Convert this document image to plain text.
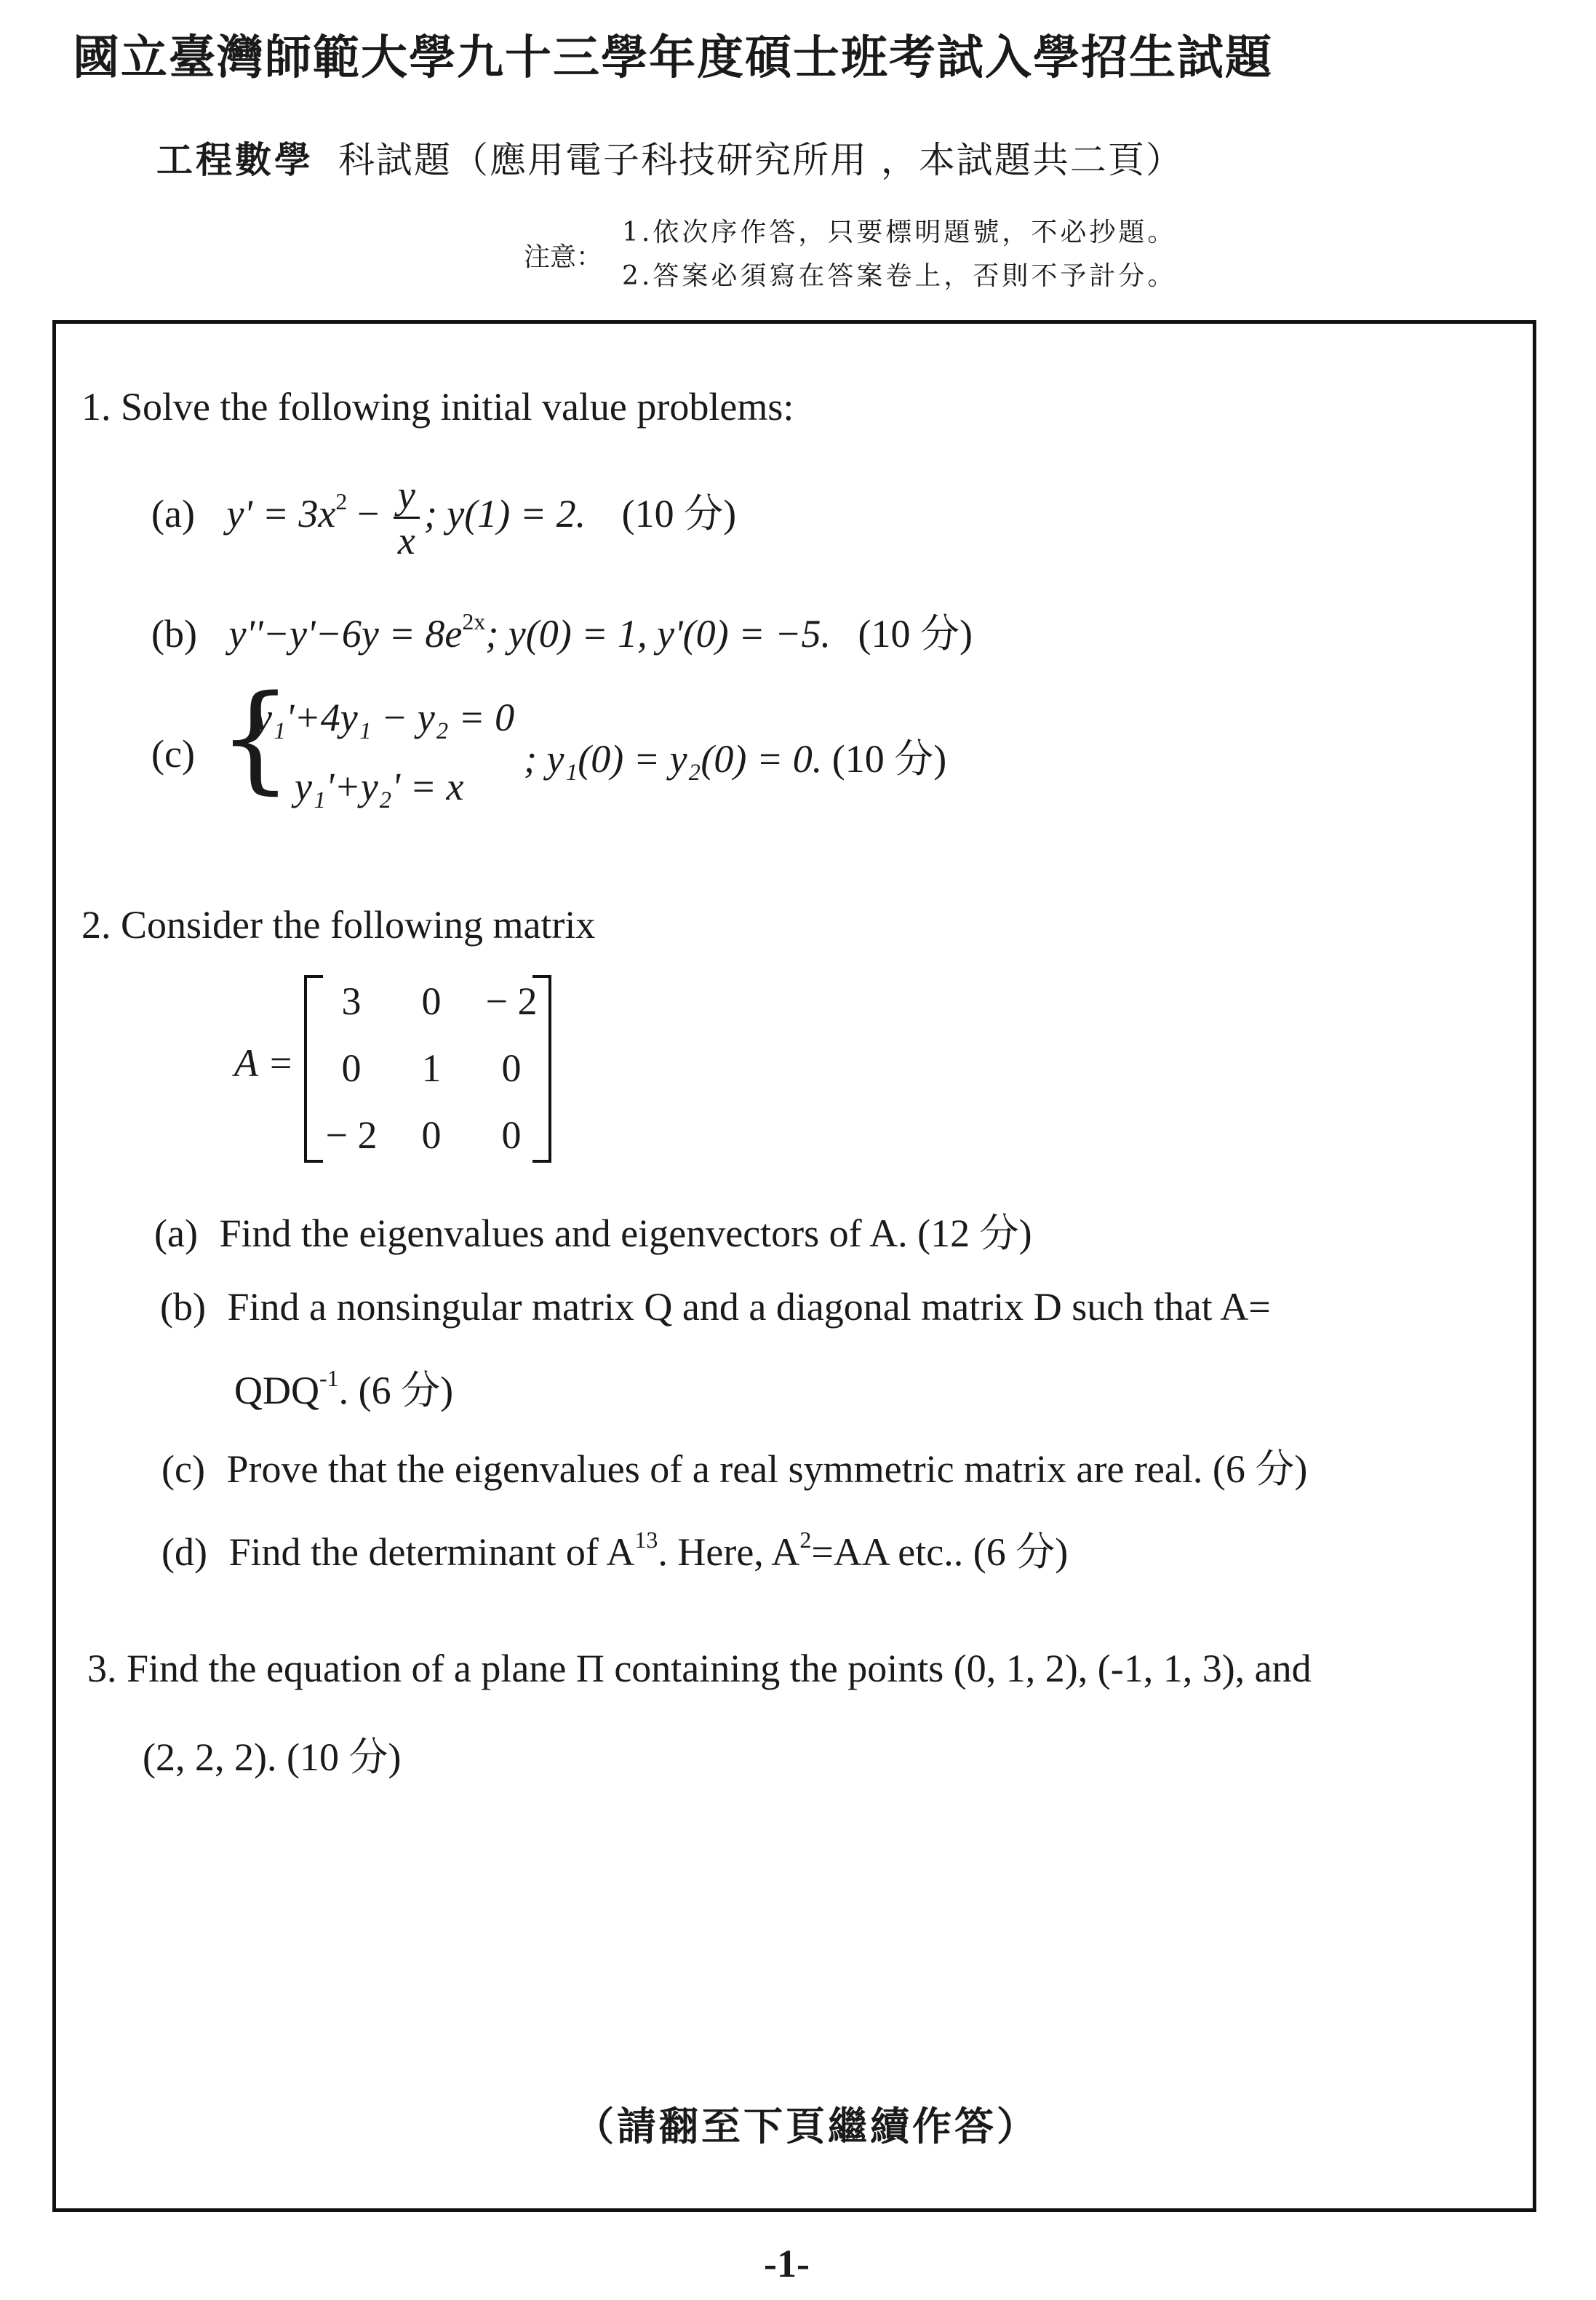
國立臺灣師範大學九十三學年度碩士班考試入學招生試題
工程數學 科試題（應用電子科技研究所用 ，本試題共二頁）
注意：
1.依次序作答，只要標明題號，不必抄題。
2.答案必須寫在答案卷上，否則不予計分。
1. Solve the following initial value problems:
(a) $y' = 3x^2 - \frac{y}{x}$ ; y(1) = 2. (10 分)
(b) $y''-y'-6y = 8e^{2x}$; y(0) = 1, y'(0) = −5. (10 分)
(c) {
y₁'+4y₁ − y₂ = 0
y₁'+y₂' = x
; y₁(0) = y₂(0) = 0. (10 分)
2. Consider the following matrix
A =
3	0	− 2
0	1	0
− 2	0	0
(a) Find the eigenvalues and eigenvectors of A. (12 分)
(b) Find a nonsingular matrix Q and a diagonal matrix D such that A=
$QDQ^{-1}$. (6 分)
(c) Prove that the eigenvalues of a real symmetric matrix are real. (6 分)
(d) Find the determinant of $A^{13}$. Here, $A^2=AA$ etc.. (6 分)
3. Find the equation of a plane Π containing the points (0, 1, 2), (-1, 1, 3), and
(2, 2, 2). (10 分)
（請翻至下頁繼續作答）
-1-
